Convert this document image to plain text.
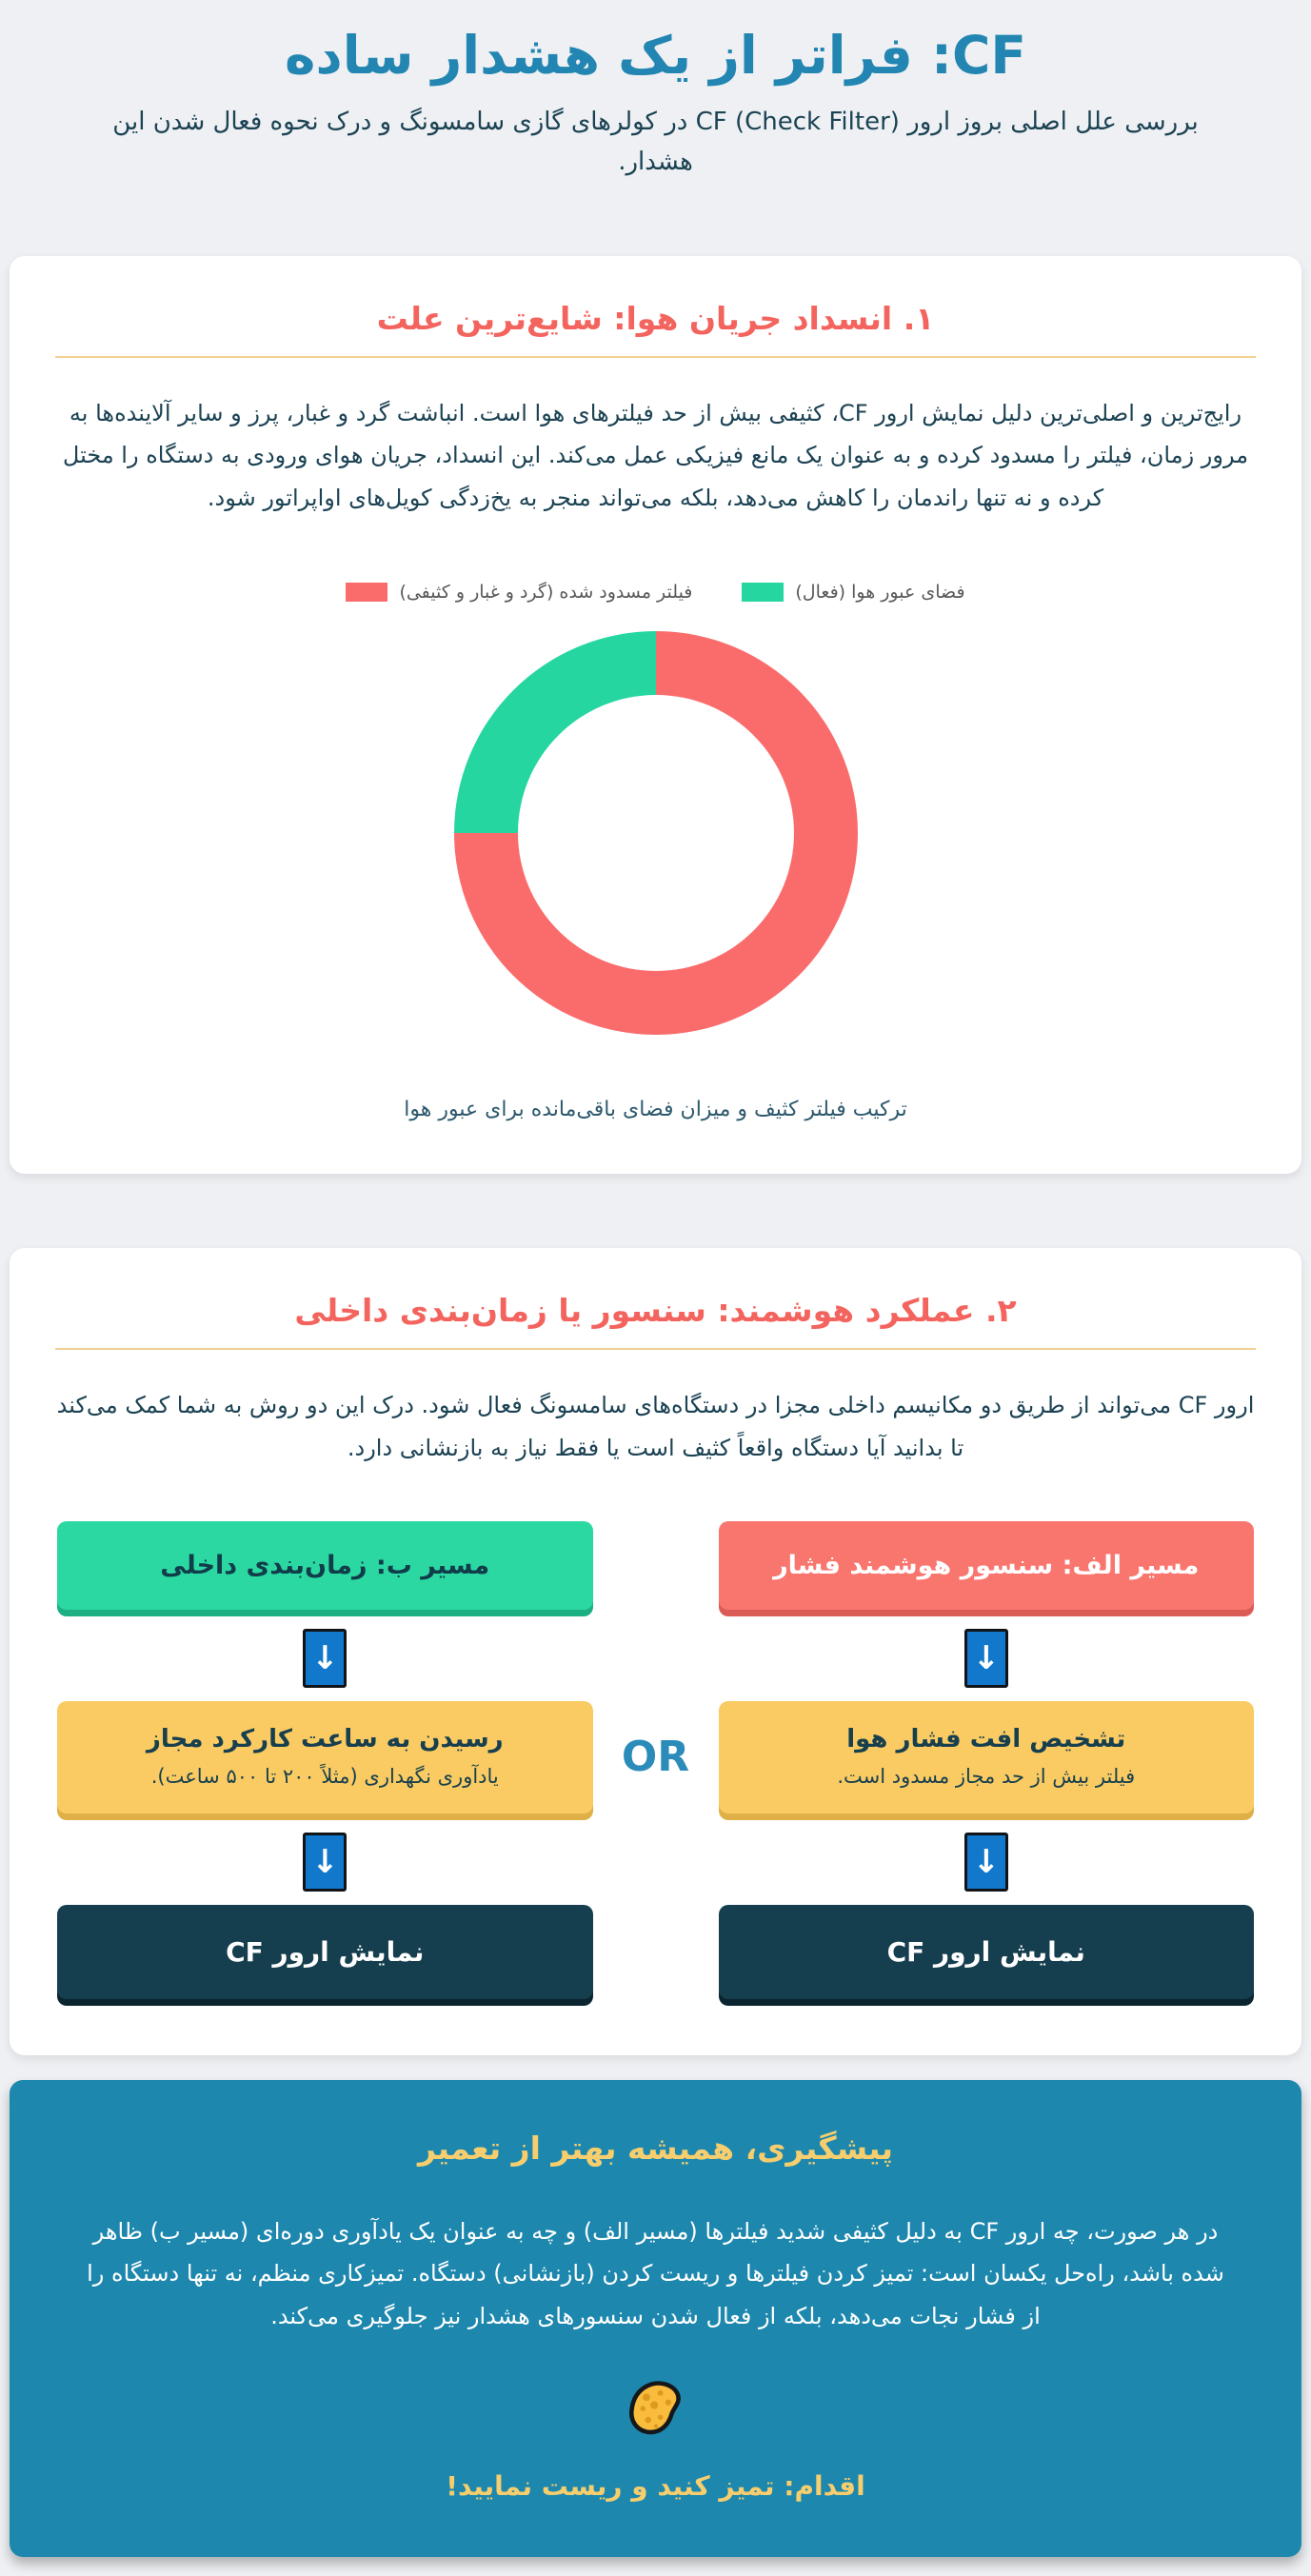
CF: فراتر از یک هشدار ساده

بررسی علل اصلی بروز ارور CF (Check Filter) در کولرهای گازی سامسونگ و درک نحوه فعال شدن این هشدار.

۱. انسداد جریان هوا: شایع‌ترین علت

رایج‌ترین و اصلی‌ترین دلیل نمایش ارور CF، کثیفی بیش از حد فیلترهای هوا است. انباشت گرد و غبار، پرز و سایر آلاینده‌ها به مرور زمان، فیلتر را مسدود کرده و به عنوان یک مانع فیزیکی عمل می‌کند. این انسداد، جریان هوای ورودی به دستگاه را مختل کرده و نه تنها راندمان را کاهش می‌دهد، بلکه می‌تواند منجر به یخ‌زدگی کویل‌های اواپراتور شود.

فضای عبور هوا (فعال)
فیلتر مسدود شده (گرد و غبار و کثیفی)
ترکیب فیلتر کثیف و میزان فضای باقی‌مانده برای عبور هوا
۲. عملکرد هوشمند: سنسور یا زمان‌بندی داخلی

ارور CF می‌تواند از طریق دو مکانیسم داخلی مجزا در دستگاه‌های سامسونگ فعال شود. درک این دو روش به شما کمک می‌کند تا بدانید آیا دستگاه واقعاً کثیف است یا فقط نیاز به بازنشانی دارد.

مسیر الف: سنسور هوشمند فشار
مسیر ب: زمان‌بندی داخلی
↓
↓
تشخیص افت فشار هوا
فیلتر بیش از حد مجاز مسدود است.
OR
رسیدن به ساعت کارکرد مجاز
یادآوری نگهداری (مثلاً ۲۰۰ تا ۵۰۰ ساعت).
↓
↓
نمایش ارور CF
نمایش ارور CF
پیشگیری، همیشه بهتر از تعمیر

در هر صورت، چه ارور CF به دلیل کثیفی شدید فیلترها (مسیر الف) و چه به عنوان یک یادآوری دوره‌ای (مسیر ب) ظاهر شده باشد، راه‌حل یکسان است: تمیز کردن فیلترها و ریست کردن (بازنشانی) دستگاه. تمیزکاری منظم، نه تنها دستگاه را از فشار نجات می‌دهد، بلکه از فعال شدن سنسورهای هشدار نیز جلوگیری می‌کند.

اقدام: تمیز کنید و ریست نمایید!
